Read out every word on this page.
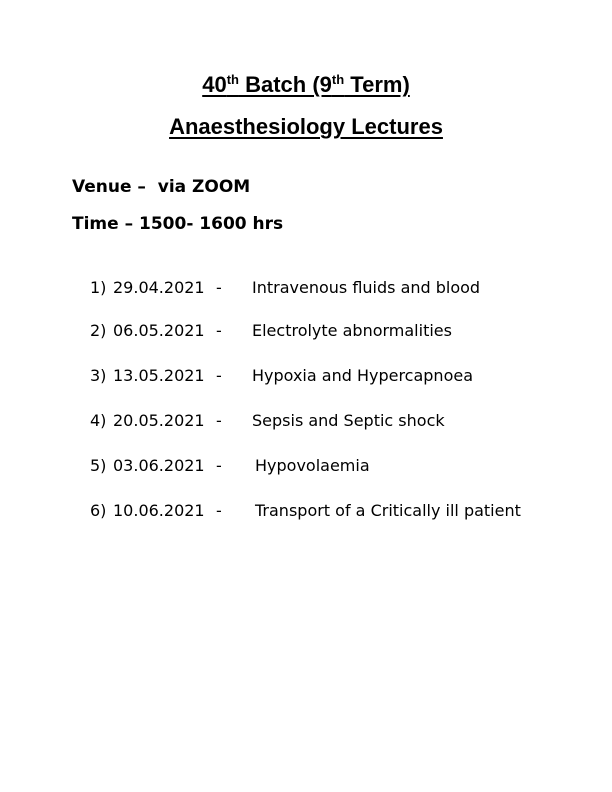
40th Batch (9th Term)
Anaesthesiology Lectures
Venue –  via ZOOM
Time – 1500- 1600 hrs
1) 29.04.2021 - Intravenous fluids and blood
2) 06.05.2021 - Electrolyte abnormalities
3) 13.05.2021 - Hypoxia and Hypercapnoea
4) 20.05.2021 - Sepsis and Septic shock
5) 03.06.2021 - Hypovolaemia
6) 10.06.2021 - Transport of a Critically ill patient
